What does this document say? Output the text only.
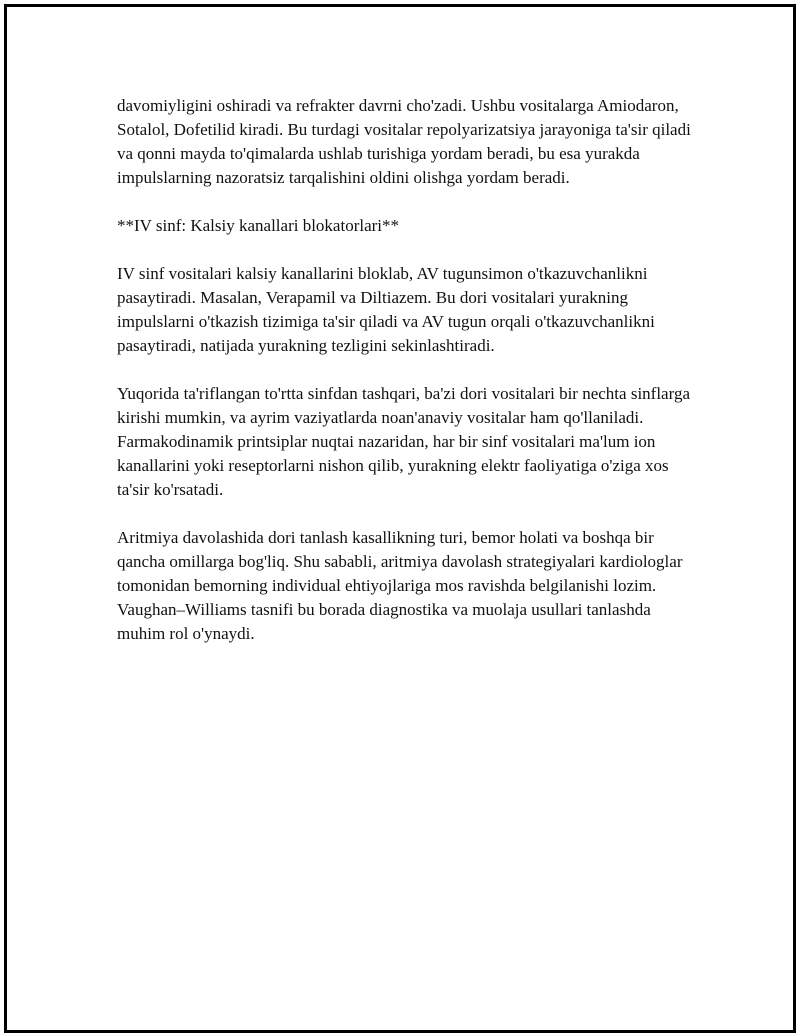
davomiyligini oshiradi va refrakter davrni cho'zadi. Ushbu vositalarga Amiodaron, Sotalol, Dofetilid kiradi. Bu turdagi vositalar repolyarizatsiya jarayoniga ta'sir qiladi va qonni mayda to'qimalarda ushlab turishiga yordam beradi, bu esa yurakda impulslarning nazoratsiz tarqalishini oldini olishga yordam beradi.

**IV sinf: Kalsiy kanallari blokatorlari**

IV sinf vositalari kalsiy kanallarini bloklab, AV tugunsimon o'tkazuvchanlikni pasaytiradi. Masalan, Verapamil va Diltiazem. Bu dori vositalari yurakning impulslarni o'tkazish tizimiga ta'sir qiladi va AV tugun orqali o'tkazuvchanlikni pasaytiradi, natijada yurakning tezligini sekinlashtiradi.

Yuqorida ta'riflangan to'rtta sinfdan tashqari, ba'zi dori vositalari bir nechta sinflarga kirishi mumkin, va ayrim vaziyatlarda noan'anaviy vositalar ham qo'llaniladi. Farmakodinamik printsiplar nuqtai nazaridan, har bir sinf vositalari ma'lum ion kanallarini yoki reseptorlarni nishon qilib, yurakning elektr faoliyatiga o'ziga xos ta'sir ko'rsatadi.

Aritmiya davolashida dori tanlash kasallikning turi, bemor holati va boshqa bir qancha omillarga bog'liq. Shu sababli, aritmiya davolash strategiyalari kardiologlar tomonidan bemorning individual ehtiyojlariga mos ravishda belgilanishi lozim. Vaughan–Williams tasnifi bu borada diagnostika va muolaja usullari tanlashda muhim rol o'ynaydi.
